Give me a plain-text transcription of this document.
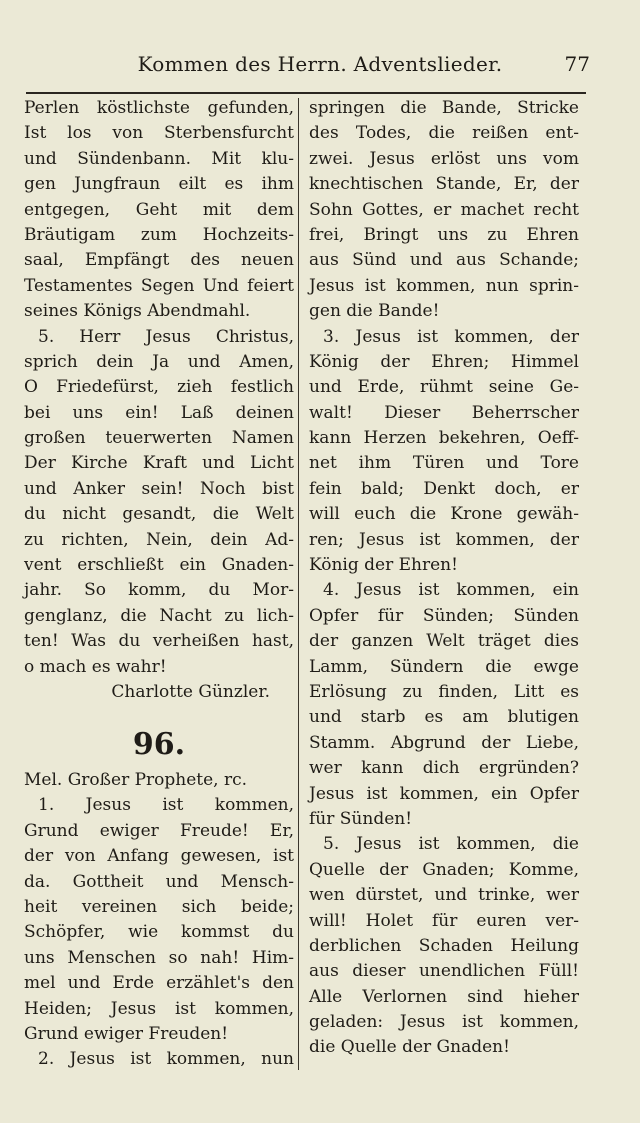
Kommen des Herrn. Adventslieder.	77
Perlen köstlichste gefunden,
Ist los von Sterbensfurcht
und Sündenbann. Mit klu-
gen Jungfraun eilt es ihm
entgegen, Geht mit dem
Bräutigam zum Hochzeits-
saal, Empfängt des neuen
Testamentes Segen Und feiert
seines Königs Abendmahl.
5. Herr Jesus Christus,
sprich dein Ja und Amen,
O Friedefürst, zieh festlich
bei uns ein! Laß deinen
großen teuerwerten Namen
Der Kirche Kraft und Licht
und Anker sein! Noch bist
du nicht gesandt, die Welt
zu richten, Nein, dein Ad-
vent erschließt ein Gnaden-
jahr. So komm, du Mor-
genglanz, die Nacht zu lich-
ten! Was du verheißen hast,
o mach es wahr!
Charlotte Günzler.
96.
Mel. Großer Prophete, rc.
1. Jesus ist kommen,
Grund ewiger Freude! Er,
der von Anfang gewesen, ist
da. Gottheit und Mensch-
heit vereinen sich beide;
Schöpfer, wie kommst du
uns Menschen so nah! Him-
mel und Erde erzählet's den
Heiden; Jesus ist kommen,
Grund ewiger Freuden!
2. Jesus ist kommen, nun
springen die Bande, Stricke
des Todes, die reißen ent-
zwei. Jesus erlöst uns vom
knechtischen Stande, Er, der
Sohn Gottes, er machet recht
frei, Bringt uns zu Ehren
aus Sünd und aus Schande;
Jesus ist kommen, nun sprin-
gen die Bande!
3. Jesus ist kommen, der
König der Ehren; Himmel
und Erde, rühmt seine Ge-
walt! Dieser Beherrscher
kann Herzen bekehren, Oeff-
net ihm Türen und Tore
fein bald; Denkt doch, er
will euch die Krone gewäh-
ren; Jesus ist kommen, der
König der Ehren!
4. Jesus ist kommen, ein
Opfer für Sünden; Sünden
der ganzen Welt träget dies
Lamm, Sündern die ewge
Erlösung zu finden, Litt es
und starb es am blutigen
Stamm. Abgrund der Liebe,
wer kann dich ergründen?
Jesus ist kommen, ein Opfer
für Sünden!
5. Jesus ist kommen, die
Quelle der Gnaden; Komme,
wen dürstet, und trinke, wer
will! Holet für euren ver-
derblichen Schaden Heilung
aus dieser unendlichen Füll!
Alle Verlornen sind hieher
geladen: Jesus ist kommen,
die Quelle der Gnaden!
